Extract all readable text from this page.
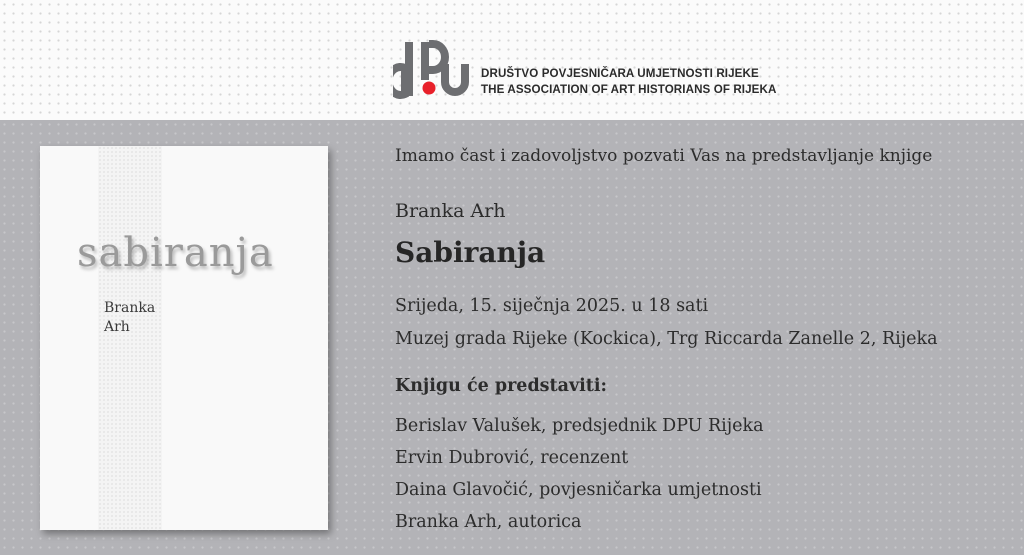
DRUŠTVO POVJESNIČARA UMJETNOSTI RIJEKE
THE ASSOCIATION OF ART HISTORIANS OF RIJEKA
sabiranja
Branka
Arh
Imamo čast i zadovoljstvo pozvati Vas na predstavljanje knjige
Branka Arh
Sabiranja
Srijeda, 15. siječnja 2025. u 18 sati
Muzej grada Rijeke (Kockica), Trg Riccarda Zanelle 2, Rijeka
Knjigu će predstaviti:
Berislav Valušek, predsjednik DPU Rijeka
Ervin Dubrović, recenzent
Daina Glavočić, povjesničarka umjetnosti
Branka Arh, autorica
